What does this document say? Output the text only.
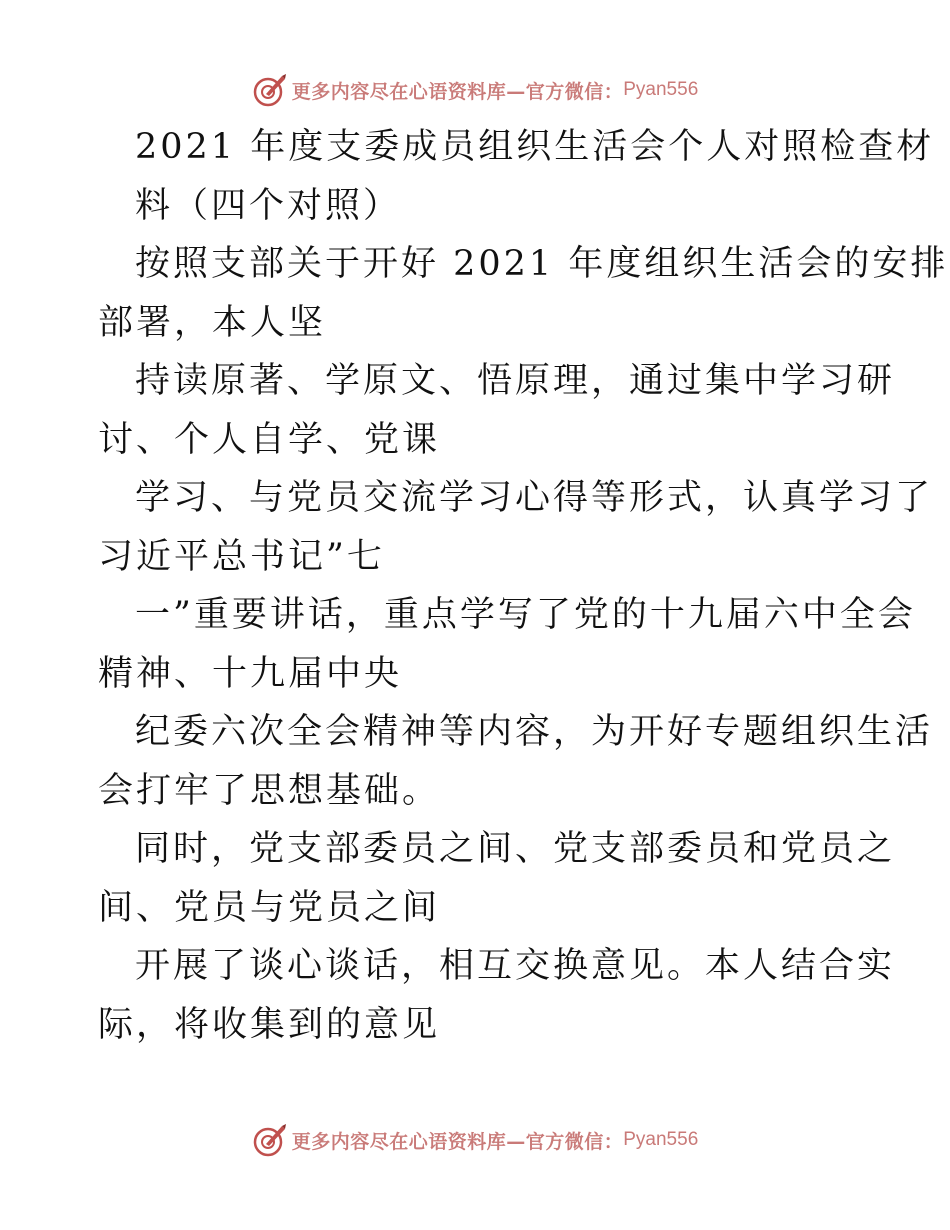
更多内容尽在心语资料库—官方微信： Pyan556
2021 年度支委成员组织生活会个人对照检查材
料（四个对照）
按照支部关于开好 2021 年度组织生活会的安排
部署，本人坚
持读原著、学原文、悟原理，通过集中学习研
讨、个人自学、党课
学习、与党员交流学习心得等形式，认真学习了
习近平总书记”七
一”重要讲话，重点学写了党的十九届六中全会
精神、十九届中央
纪委六次全会精神等内容，为开好专题组织生活
会打牢了思想基础。
同时，党支部委员之间、党支部委员和党员之
间、党员与党员之间
开展了谈心谈话，相互交换意见。本人结合实
际，将收集到的意见
更多内容尽在心语资料库—官方微信： Pyan556
